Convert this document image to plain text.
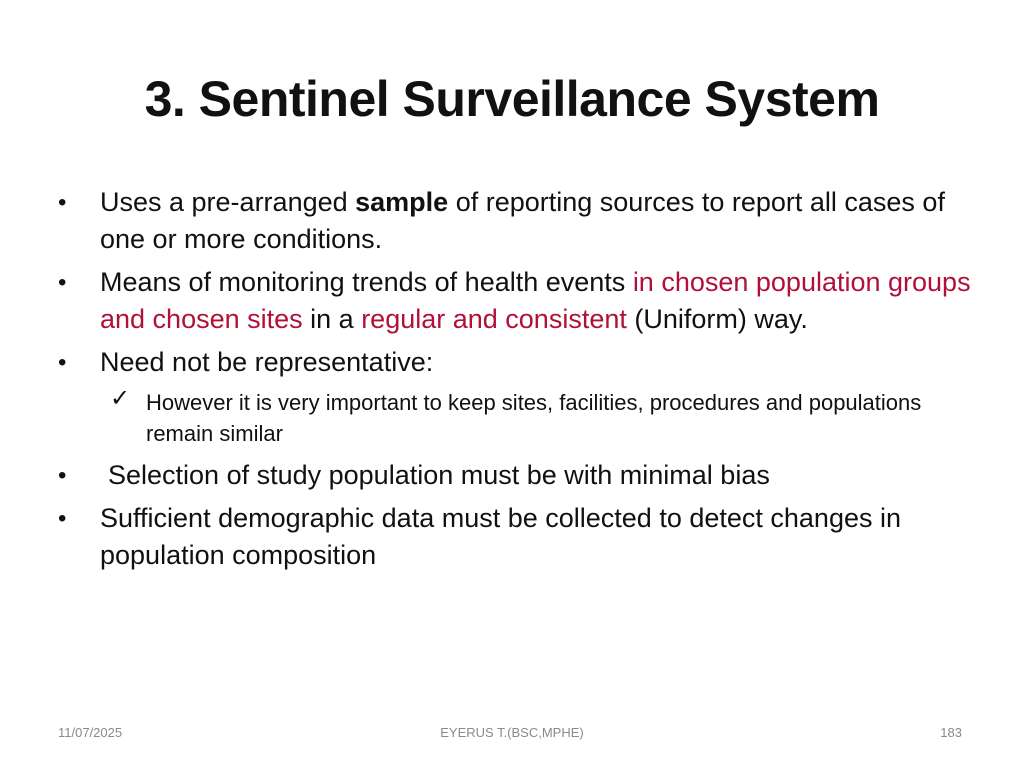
3. Sentinel Surveillance System
• Uses a pre-arranged sample of reporting sources to report all cases of one or more conditions.
• Means of monitoring trends of health events in chosen population groups and chosen sites in a regular and consistent (Uniform) way.
• Need not be representative:
✓ However it is very important to keep sites, facilities, procedures and populations remain similar
• Selection of study population must be with minimal bias
• Sufficient demographic data must be collected to detect changes in population composition
11/07/2025	EYERUS T.(BSC,MPHE)	183
